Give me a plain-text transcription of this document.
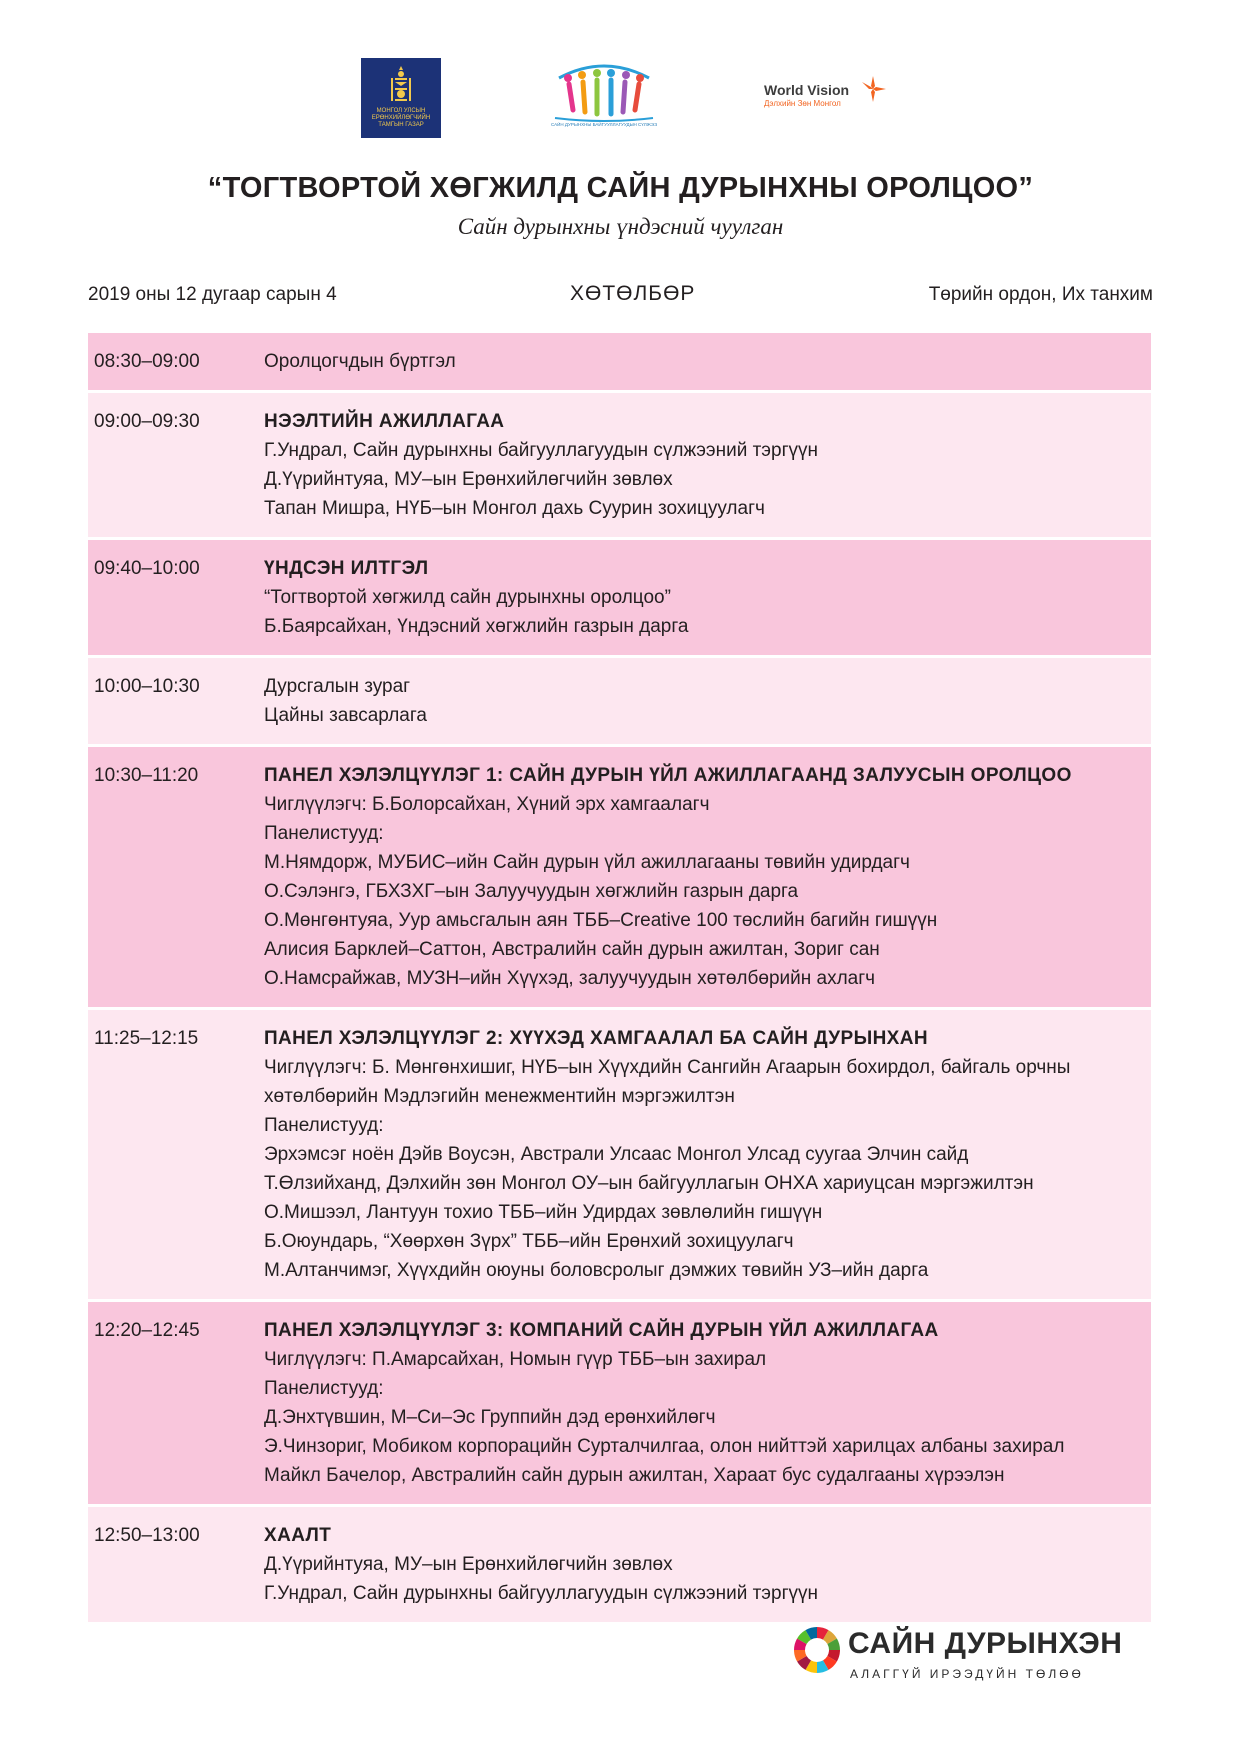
МОНГОЛ УЛСЫН ЕРӨНХИЙЛӨГЧИЙН ТАМГЫН ГАЗАР	САЙН ДУРЫНХНЫ БАЙГУУЛЛАГУУДЫН СҮЛЖЭЭ
World Vision
Дэлхийн Зөн Монгол
“ТОГТВОРТОЙ ХӨГЖИЛД САЙН ДУРЫНХНЫ ОРОЛЦОО”
Сайн дурынхны үндэсний чуулган
2019 оны 12 дугаар сарын 4	ХӨТӨЛБӨР	Төрийн ордон, Их танхим
08:30–09:00	Оролцогчдын бүртгэл
09:00–09:30	НЭЭЛТИЙН АЖИЛЛАГАА
Г.Ундрал, Сайн дурынхны байгууллагуудын сүлжээний тэргүүн
Д.Үүрийнтуяа, МУ–ын Ерөнхийлөгчийн зөвлөх
Тапан Мишра, НҮБ–ын Монгол дахь Суурин зохицуулагч
09:40–10:00	ҮНДСЭН ИЛТГЭЛ
“Тогтвортой хөгжилд сайн дурынхны оролцоо”
Б.Баярсайхан, Үндэсний хөгжлийн газрын дарга
10:00–10:30	Дурсгалын зураг
Цайны завсарлага
10:30–11:20	ПАНЕЛ ХЭЛЭЛЦҮҮЛЭГ 1: САЙН ДУРЫН ҮЙЛ АЖИЛЛАГААНД ЗАЛУУСЫН ОРОЛЦОО
Чиглүүлэгч: Б.Болорсайхан, Хүний эрх хамгаалагч
Панелистууд:
М.Нямдорж, МУБИС–ийн Сайн дурын үйл ажиллагааны төвийн удирдагч
О.Сэлэнгэ, ГБХЗХГ–ын Залуучуудын хөгжлийн газрын дарга
О.Мөнгөнтуяа, Уур амьсгалын аян ТББ–Creative 100 төслийн багийн гишүүн
Алисия Барклей–Саттон, Австралийн сайн дурын ажилтан, Зориг сан
О.Намсрайжав, МУЗН–ийн Хүүхэд, залуучуудын хөтөлбөрийн ахлагч
11:25–12:15	ПАНЕЛ ХЭЛЭЛЦҮҮЛЭГ 2: ХҮҮХЭД ХАМГААЛАЛ БА САЙН ДУРЫНХАН
Чиглүүлэгч: Б. Мөнгөнхишиг, НҮБ–ын Хүүхдийн Сангийн Агаарын бохирдол, байгаль орчны хөтөлбөрийн Мэдлэгийн менежментийн мэргэжилтэн
Панелистууд:
Эрхэмсэг ноён Дэйв Воусэн, Австрали Улсаас Монгол Улсад суугаа Элчин сайд
Т.Өлзийханд, Дэлхийн зөн Монгол ОУ–ын байгууллагын ОНХА хариуцсан мэргэжилтэн
О.Мишээл, Лантуун тохио ТББ–ийн Удирдах зөвлөлийн гишүүн
Б.Оюундарь, “Хөөрхөн Зүрх” ТББ–ийн Ерөнхий зохицуулагч
М.Алтанчимэг, Хүүхдийн оюуны боловсролыг дэмжих төвийн УЗ–ийн дарга
12:20–12:45	ПАНЕЛ ХЭЛЭЛЦҮҮЛЭГ 3: КОМПАНИЙ САЙН ДУРЫН ҮЙЛ АЖИЛЛАГАА
Чиглүүлэгч: П.Амарсайхан, Номын гүүр ТББ–ын захирал
Панелистууд:
Д.Энхтүвшин, М–Си–Эс Группийн дэд ерөнхийлөгч
Э.Чинзориг, Мобиком корпорацийн Сурталчилгаа, олон нийттэй харилцах албаны захирал
Майкл Бачелор, Австралийн сайн дурын ажилтан, Хараат бус судалгааны хүрээлэн
12:50–13:00	ХААЛТ
Д.Үүрийнтуяа, МУ–ын Ерөнхийлөгчийн зөвлөх
Г.Ундрал, Сайн дурынхны байгууллагуудын сүлжээний тэргүүн
САЙН ДУРЫНХЭН
АЛАГГҮЙ ИРЭЭДҮЙН ТӨЛӨӨ
